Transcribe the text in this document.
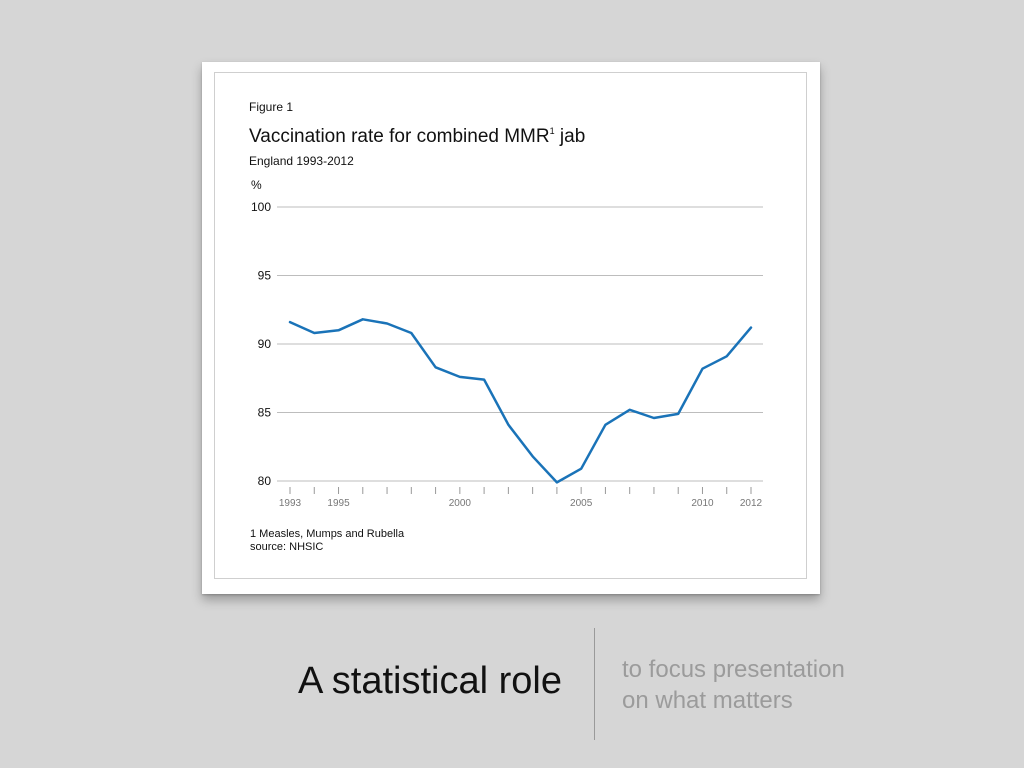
Figure 1
Vaccination rate for combined MMR$^1$ jab
England 1993-2012
%
100
95
90
85
80
1993	1995	2000	2005	2010	2012
1 Measles, Mumps and Rubella
source: NHSIC
A statistical role	to focus presentation
on what matters
